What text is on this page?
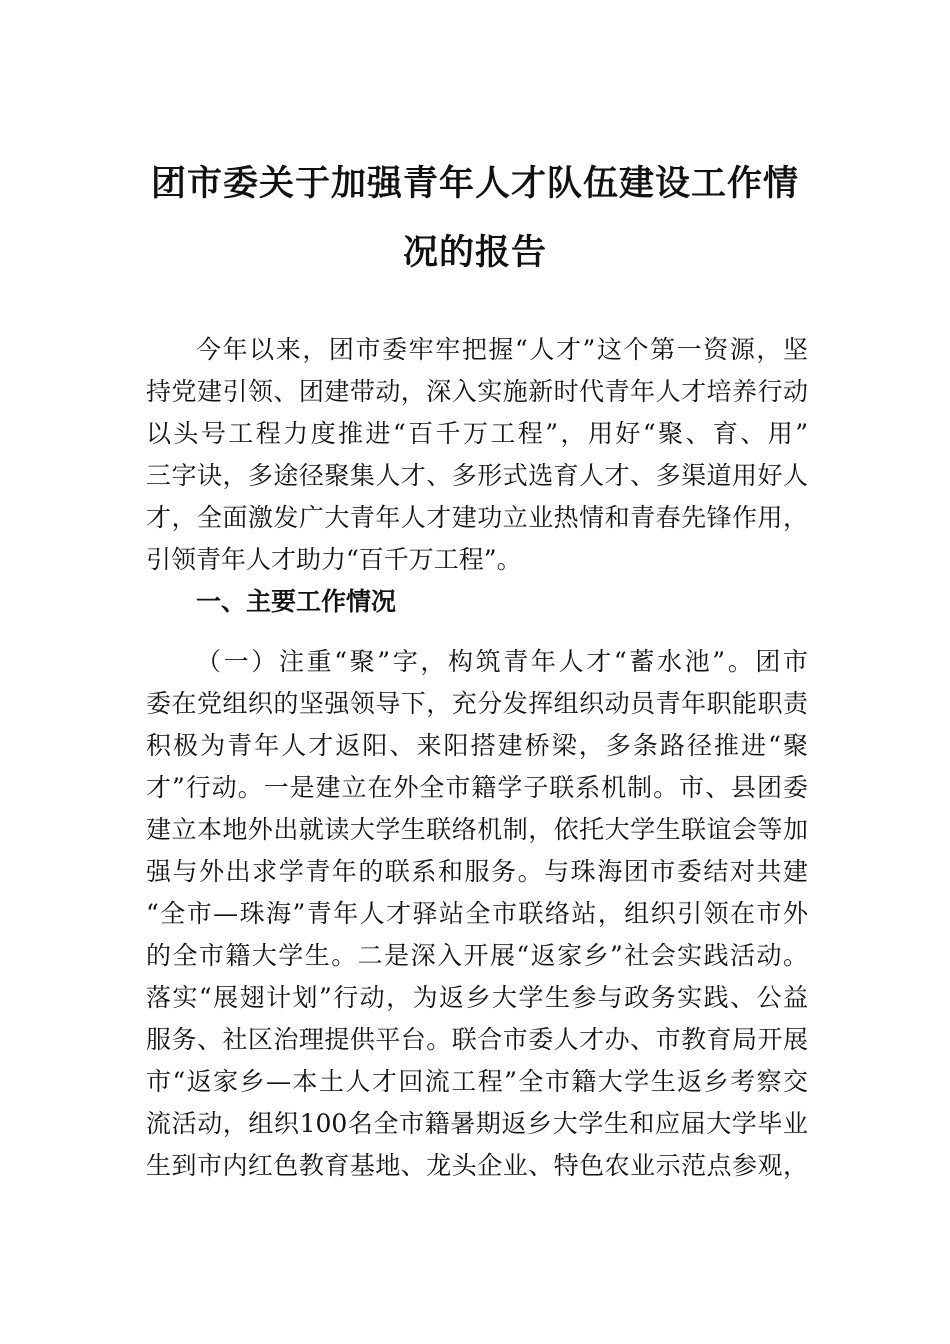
团市委关于加强青年人才队伍建设工作情
况的报告
今年以来，团市委牢牢把握“人才”这个第一资源，坚
持党建引领、团建带动，深入实施新时代青年人才培养行动
以头号工程力度推进“百千万工程”，用好“聚、育、用”
三字诀，多途径聚集人才、多形式选育人才、多渠道用好人
才，全面激发广大青年人才建功立业热情和青春先锋作用，
引领青年人才助力“百千万工程”。
一、主要工作情况
（一）注重“聚”字，构筑青年人才“蓄水池”。团市
委在党组织的坚强领导下，充分发挥组织动员青年职能职责
积极为青年人才返阳、来阳搭建桥梁，多条路径推进“聚
才”行动。一是建立在外全市籍学子联系机制。市、县团委
建立本地外出就读大学生联络机制，依托大学生联谊会等加
强与外出求学青年的联系和服务。与珠海团市委结对共建
“全市—珠海”青年人才驿站全市联络站，组织引领在市外
的全市籍大学生。二是深入开展“返家乡”社会实践活动。
落实“展翅计划”行动，为返乡大学生参与政务实践、公益
服务、社区治理提供平台。联合市委人才办、市教育局开展
市“返家乡—本土人才回流工程”全市籍大学生返乡考察交
流活动，组织100名全市籍暑期返乡大学生和应届大学毕业
生到市内红色教育基地、龙头企业、特色农业示范点参观，
